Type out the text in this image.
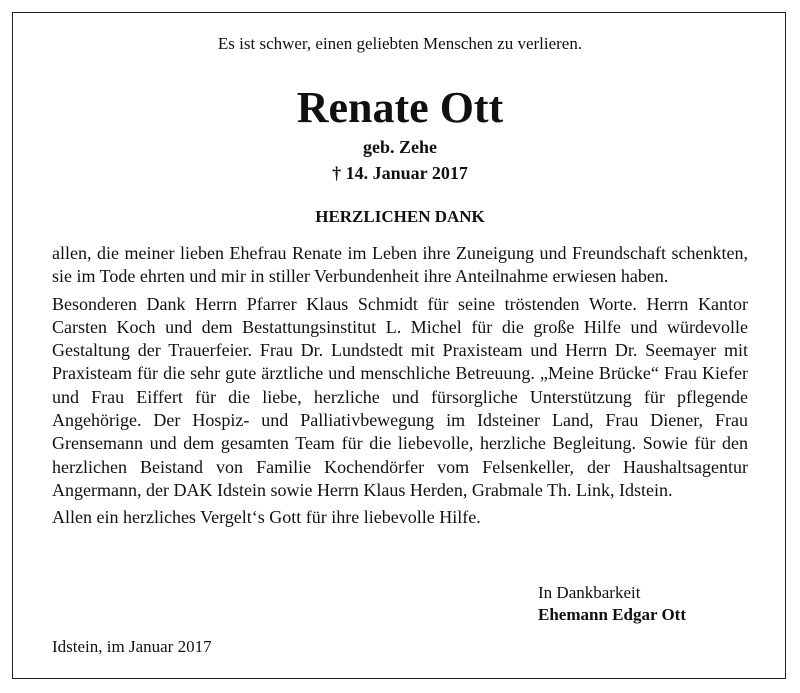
Es ist schwer, einen geliebten Menschen zu verlieren.
Renate Ott
geb. Zehe
† 14. Januar 2017
HERZLICHEN DANK

allen, die meiner lieben Ehefrau Renate im Leben ihre Zuneigung und Freundschaft schenkten, sie im Tode ehrten und mir in stiller Verbundenheit ihre Anteilnahme erwiesen haben.

Besonderen Dank Herrn Pfarrer Klaus Schmidt für seine tröstenden Worte. Herrn Kantor Carsten Koch und dem Bestattungsinstitut L. Michel für die große Hilfe und würdevolle Gestaltung der Trauerfeier. Frau Dr. Lundstedt mit Praxisteam und Herrn Dr. Seemayer mit Praxisteam für die sehr gute ärztliche und menschliche Betreuung. „Meine Brücke“ Frau Kiefer und Frau Eiffert für die liebe, herzliche und fürsorgliche Unterstützung für pflegende Angehörige. Der Hospiz- und Palliativbewegung im Idsteiner Land, Frau Diener, Frau Grensemann und dem gesamten Team für die liebevolle, herzliche Begleitung. Sowie für den herzlichen Beistand von Familie Kochendörfer vom Felsenkeller, der Haushaltsagentur Angermann, der DAK Idstein sowie Herrn Klaus Herden, Grabmale Th. Link, Idstein.

Allen ein herzliches Vergelt‘s Gott für ihre liebevolle Hilfe.

In Dankbarkeit
Ehemann Edgar Ott
Idstein, im Januar 2017
